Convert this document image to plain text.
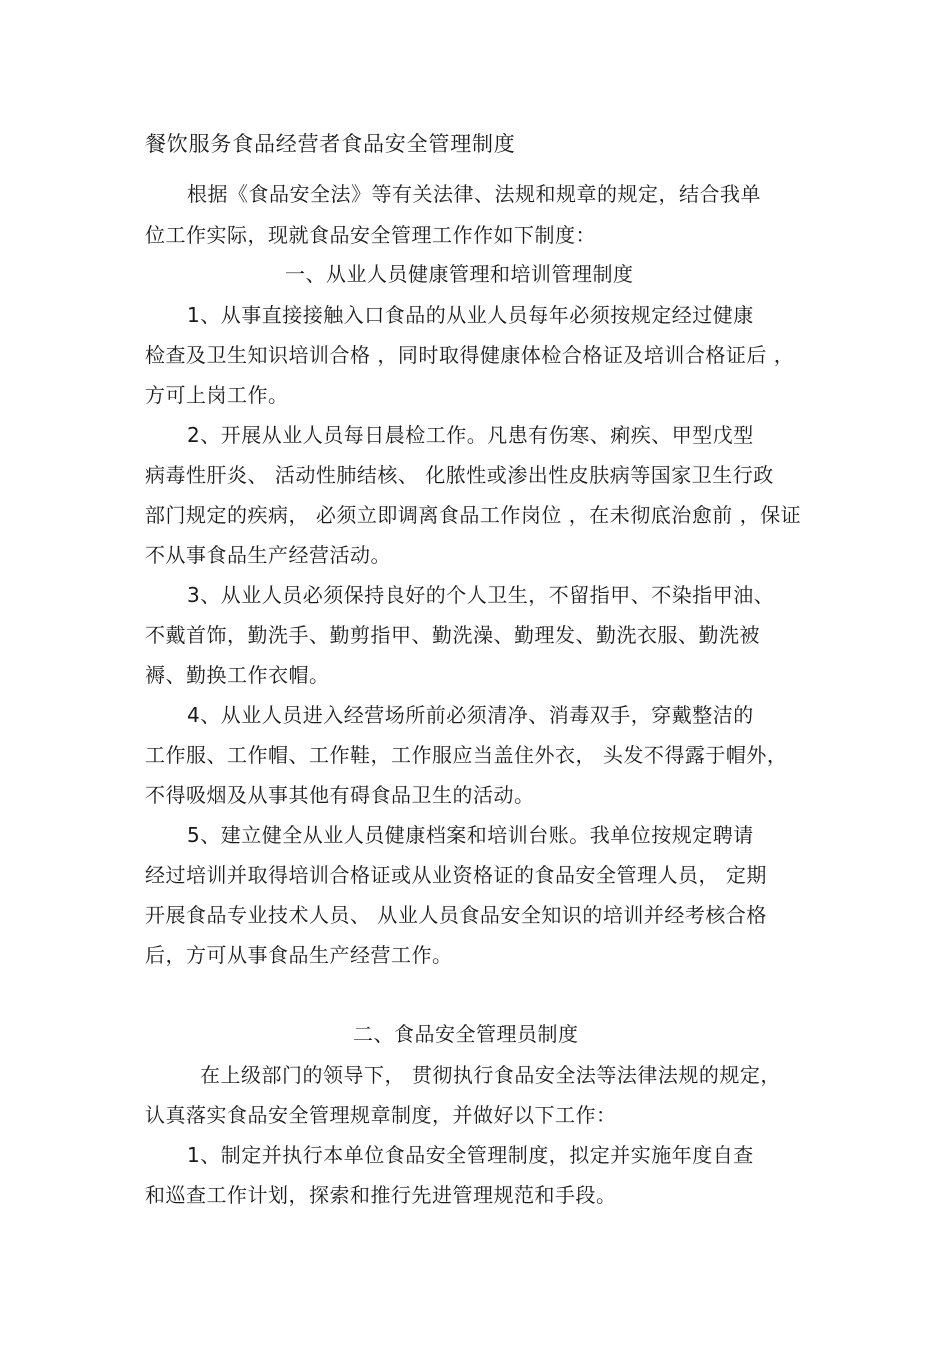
餐饮服务食品经营者食品安全管理制度
根据《食品安全法》等有关法律、法规和规章的规定，结合我单
位工作实际，现就食品安全管理工作作如下制度：
一、从业人员健康管理和培训管理制度
1、从事直接接触入口食品的从业人员每年必须按规定经过健康
检查及卫生知识培训合格 ，同时取得健康体检合格证及培训合格证后 ，
方可上岗工作。
2、开展从业人员每日晨检工作。凡患有伤寒、痢疾、甲型戊型
病毒性肝炎、 活动性肺结核、 化脓性或渗出性皮肤病等国家卫生行政
部门规定的疾病， 必须立即调离食品工作岗位 ，在未彻底治愈前 ，保证
不从事食品生产经营活动。
3、从业人员必须保持良好的个人卫生，不留指甲、不染指甲油、
不戴首饰，勤洗手、勤剪指甲、勤洗澡、勤理发、勤洗衣服、勤洗被
褥、勤换工作衣帽。
4、从业人员进入经营场所前必须清净、消毒双手，穿戴整洁的
工作服、工作帽、工作鞋，工作服应当盖住外衣， 头发不得露于帽外，
不得吸烟及从事其他有碍食品卫生的活动。
5、建立健全从业人员健康档案和培训台账。我单位按规定聘请
经过培训并取得培训合格证或从业资格证的食品安全管理人员， 定期
开展食品专业技术人员、 从业人员食品安全知识的培训并经考核合格
后，方可从事食品生产经营工作。
二、食品安全管理员制度
在上级部门的领导下， 贯彻执行食品安全法等法律法规的规定，
认真落实食品安全管理规章制度，并做好以下工作：
1、制定并执行本单位食品安全管理制度，拟定并实施年度自查
和巡查工作计划，探索和推行先进管理规范和手段。
